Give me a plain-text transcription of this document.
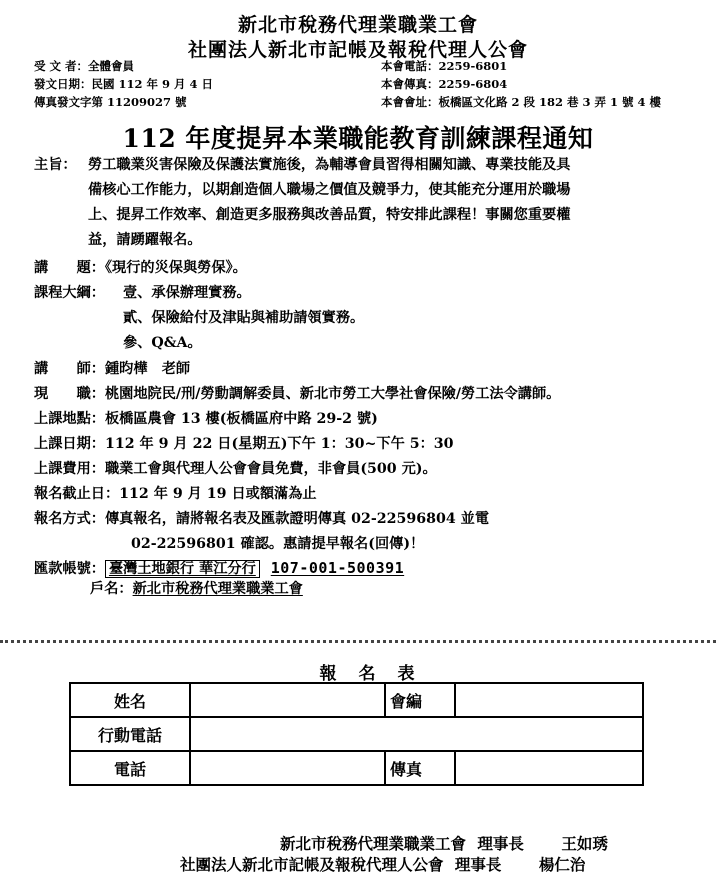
新北市稅務代理業職業工會
社團法人新北市記帳及報稅代理人公會
受 文 者：全體會員
發文日期：民國 112 年 9 月 4 日
傳真發文字第 11209027 號
本會電話：2259-6801
本會傳真：2259-6804
本會會址：板橋區文化路 2 段 182 巷 3 弄 1 號 4 樓
112 年度提昇本業職能教育訓練課程通知
主旨： 勞工職業災害保險及保護法實施後，為輔導會員習得相關知識、專業技能及具
備核心工作能力，以期創造個人職場之價值及競爭力，使其能充分運用於職場
上、提昇工作效率、創造更多服務與改善品質，特安排此課程！事關您重要權
益，請踴躍報名。
講　　題：《現行的災保與勞保》。
課程大綱： 壹、承保辦理實務。
貳、保險給付及津貼與補助請領實務。
參、Q&A。
講　　師：鍾昀樺　老師
現　　職：桃園地院民/刑/勞動調解委員、新北市勞工大學社會保險/勞工法令講師。
上課地點：板橋區農會 13 樓(板橋區府中路 29-2 號)
上課日期：112 年 9 月 22 日(星期五)下午 1：30~下午 5：30
上課費用：職業工會與代理人公會會員免費，非會員(500 元)。
報名截止日：112 年 9 月 19 日或額滿為止
報名方式：傳真報名，請將報名表及匯款證明傳真 02-22596804 並電
02-22596801 確認。惠請提早報名(回傳)！
匯款帳號： 臺灣土地銀行 華江分行 107-001-500391
戶名：新北市稅務代理業職業工會
報名表
姓名		會編	
行動電話			
電話		傳真	
新北市稅務代理業職業工會 理事長 王如琇
社團法人新北市記帳及報稅代理人公會 理事長 楊仁治
